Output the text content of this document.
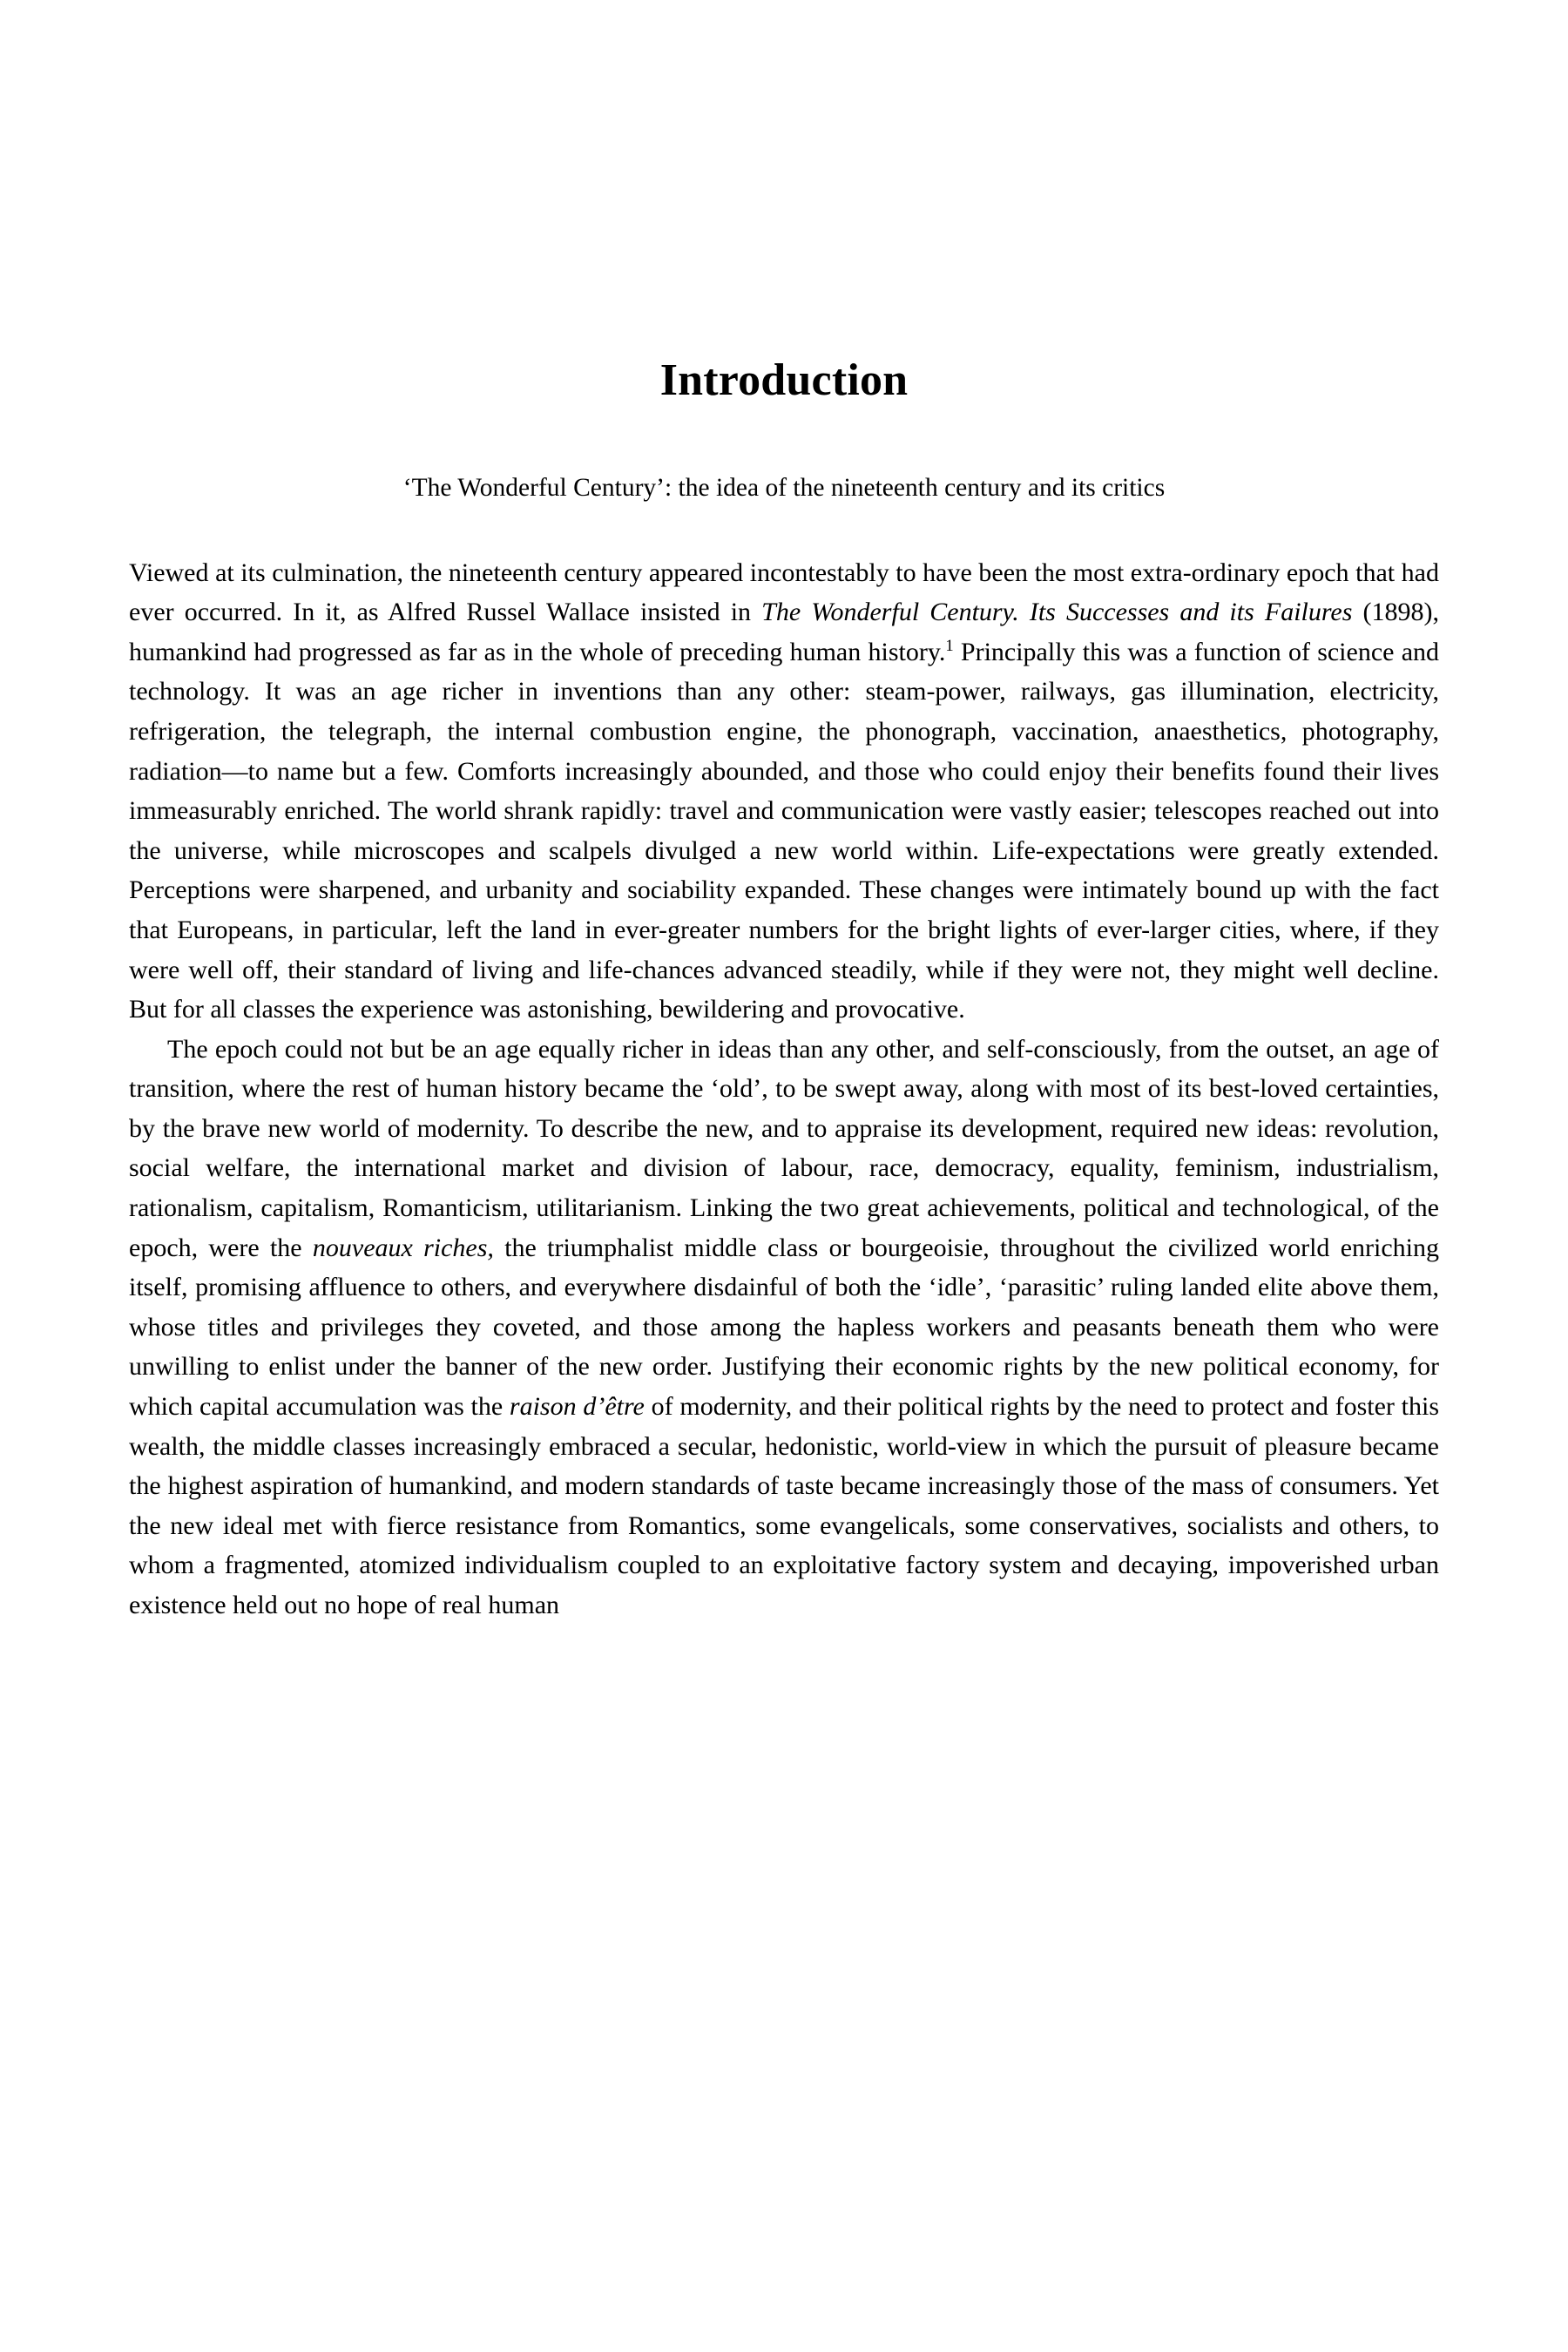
Introduction
‘The Wonderful Century’: the idea of the nineteenth century and its critics

Viewed at its culmination, the nineteenth century appeared incontestably to have been the most extra-ordinary epoch that had ever occurred. In it, as Alfred Russel Wallace insisted in The Wonderful Century. Its Successes and its Failures (1898), humankind had progressed as far as in the whole of preceding human history.$^1$ Principally this was a function of science and technology. It was an age richer in inventions than any other: steam-power, railways, gas illumination, electricity, refrigeration, the telegraph, the internal combustion engine, the phonograph, vaccination, anaesthetics, photography, radiation—to name but a few. Comforts increasingly abounded, and those who could enjoy their benefits found their lives immeasurably enriched. The world shrank rapidly: travel and communication were vastly easier; telescopes reached out into the universe, while microscopes and scalpels divulged a new world within. Life-expectations were greatly extended. Perceptions were sharpened, and urbanity and sociability expanded. These changes were intimately bound up with the fact that Europeans, in particular, left the land in ever-greater numbers for the bright lights of ever-larger cities, where, if they were well off, their standard of living and life-chances advanced steadily, while if they were not, they might well decline. But for all classes the experience was astonishing, bewildering and provocative.

The epoch could not but be an age equally richer in ideas than any other, and self-consciously, from the outset, an age of transition, where the rest of human history became the ‘old’, to be swept away, along with most of its best-loved certainties, by the brave new world of modernity. To describe the new, and to appraise its development, required new ideas: revolution, social welfare, the international market and division of labour, race, democracy, equality, feminism, industrialism, rationalism, capitalism, Romanticism, utilitarianism. Linking the two great achievements, political and technological, of the epoch, were the nouveaux riches, the triumphalist middle class or bourgeoisie, throughout the civilized world enriching itself, promising affluence to others, and everywhere disdainful of both the ‘idle’, ‘parasitic’ ruling landed elite above them, whose titles and privileges they coveted, and those among the hapless workers and peasants beneath them who were unwilling to enlist under the banner of the new order. Justifying their economic rights by the new political economy, for which capital accumulation was the raison d’être of modernity, and their political rights by the need to protect and foster this wealth, the middle classes increasingly embraced a secular, hedonistic, world-view in which the pursuit of pleasure became the highest aspiration of humankind, and modern standards of taste became increasingly those of the mass of consumers. Yet the new ideal met with fierce resistance from Romantics, some evangelicals, some conservatives, socialists and others, to whom a fragmented, atomized individualism coupled to an exploitative factory system and decaying, impoverished urban existence held out no hope of real human
